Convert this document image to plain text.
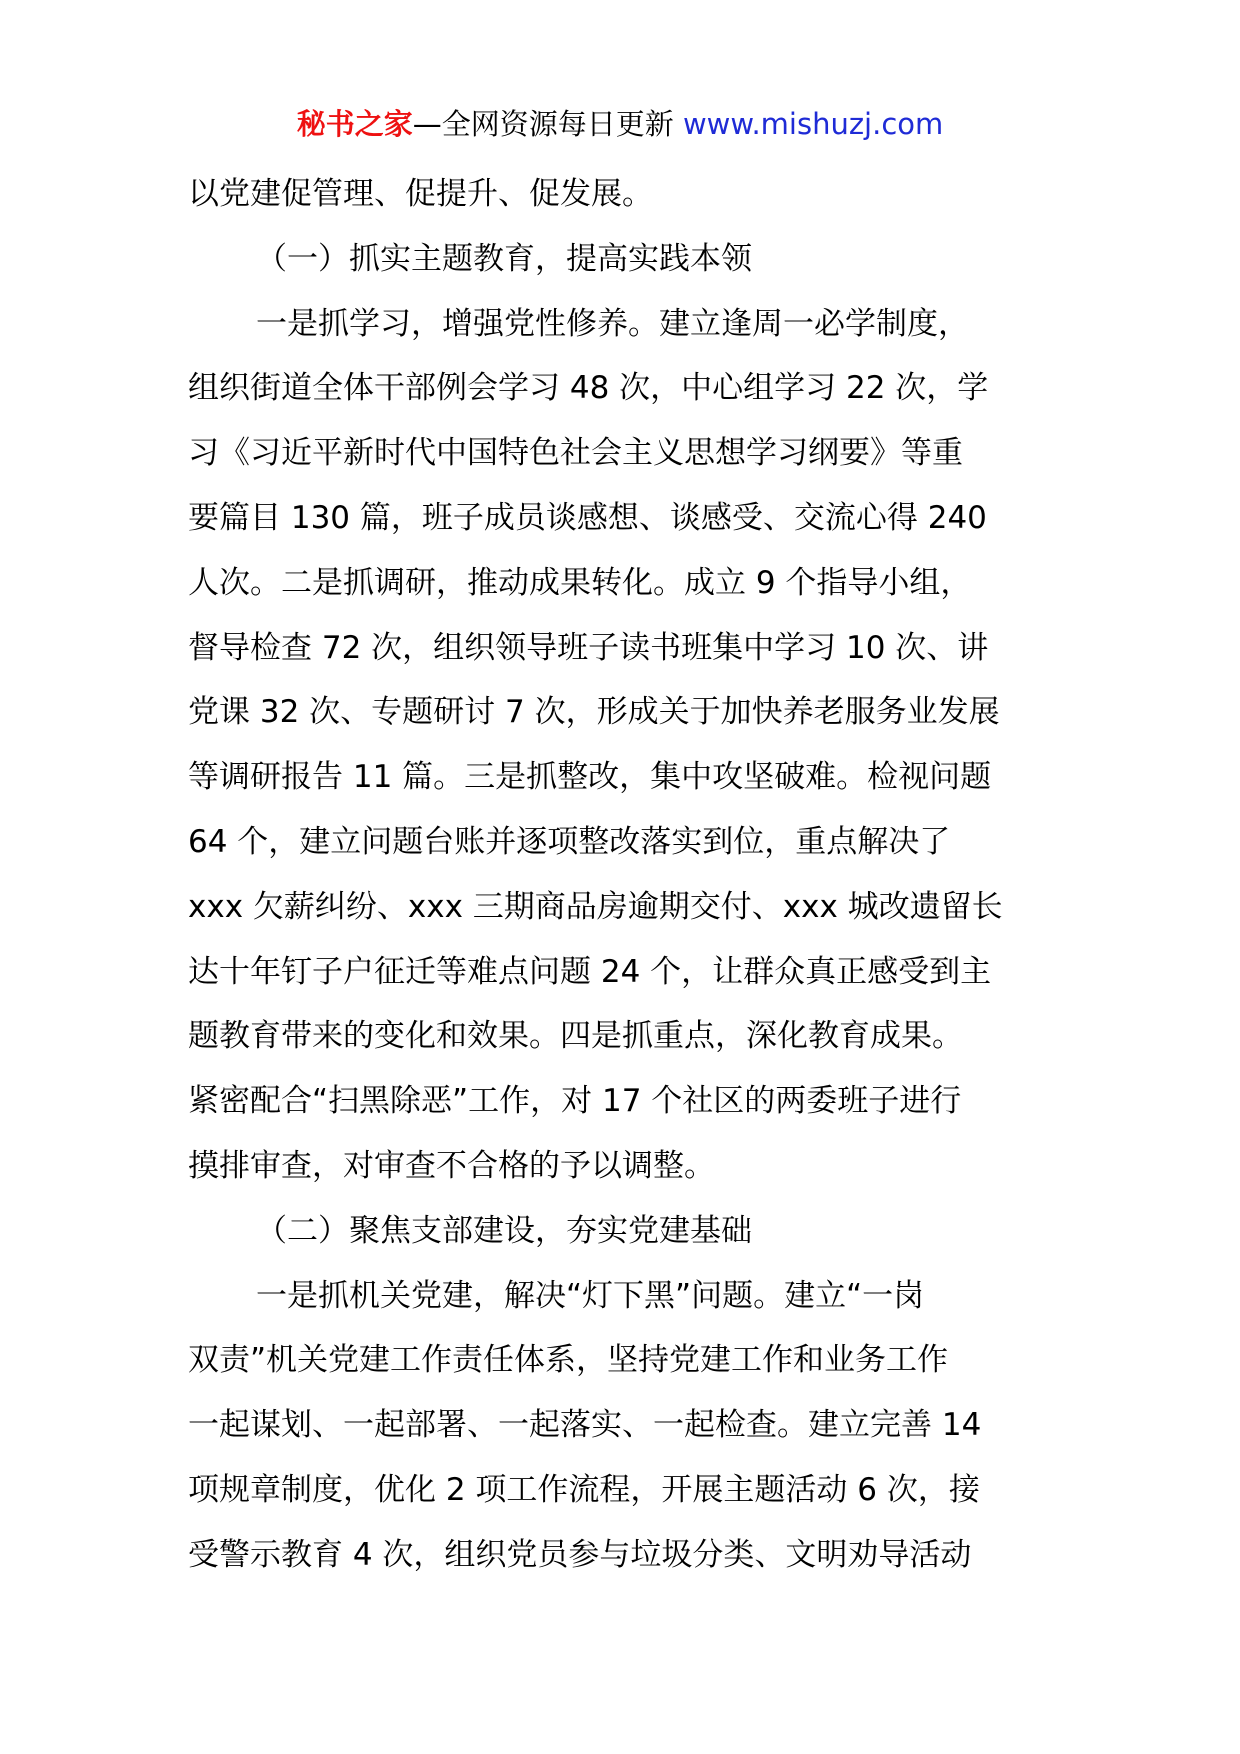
秘书之家—全网资源每日更新 www.mishuzj.com
以党建促管理、促提升、促发展。
（一）抓实主题教育，提高实践本领
一是抓学习，增强党性修养。建立逢周一必学制度，
组织街道全体干部例会学习 48 次，中心组学习 22 次，学
习《习近平新时代中国特色社会主义思想学习纲要》等重
要篇目 130 篇，班子成员谈感想、谈感受、交流心得 240
人次。二是抓调研，推动成果转化。成立 9 个指导小组，
督导检查 72 次，组织领导班子读书班集中学习 10 次、讲
党课 32 次、专题研讨 7 次，形成关于加快养老服务业发展
等调研报告 11 篇。三是抓整改，集中攻坚破难。检视问题
64 个，建立问题台账并逐项整改落实到位，重点解决了
xxx 欠薪纠纷、xxx 三期商品房逾期交付、xxx 城改遗留长
达十年钉子户征迁等难点问题 24 个，让群众真正感受到主
题教育带来的变化和效果。四是抓重点，深化教育成果。
紧密配合“扫黑除恶”工作，对 17 个社区的两委班子进行
摸排审查，对审查不合格的予以调整。
（二）聚焦支部建设，夯实党建基础
一是抓机关党建，解决“灯下黑”问题。建立“一岗
双责”机关党建工作责任体系，坚持党建工作和业务工作
一起谋划、一起部署、一起落实、一起检查。建立完善 14
项规章制度，优化 2 项工作流程，开展主题活动 6 次，接
受警示教育 4 次，组织党员参与垃圾分类、文明劝导活动
